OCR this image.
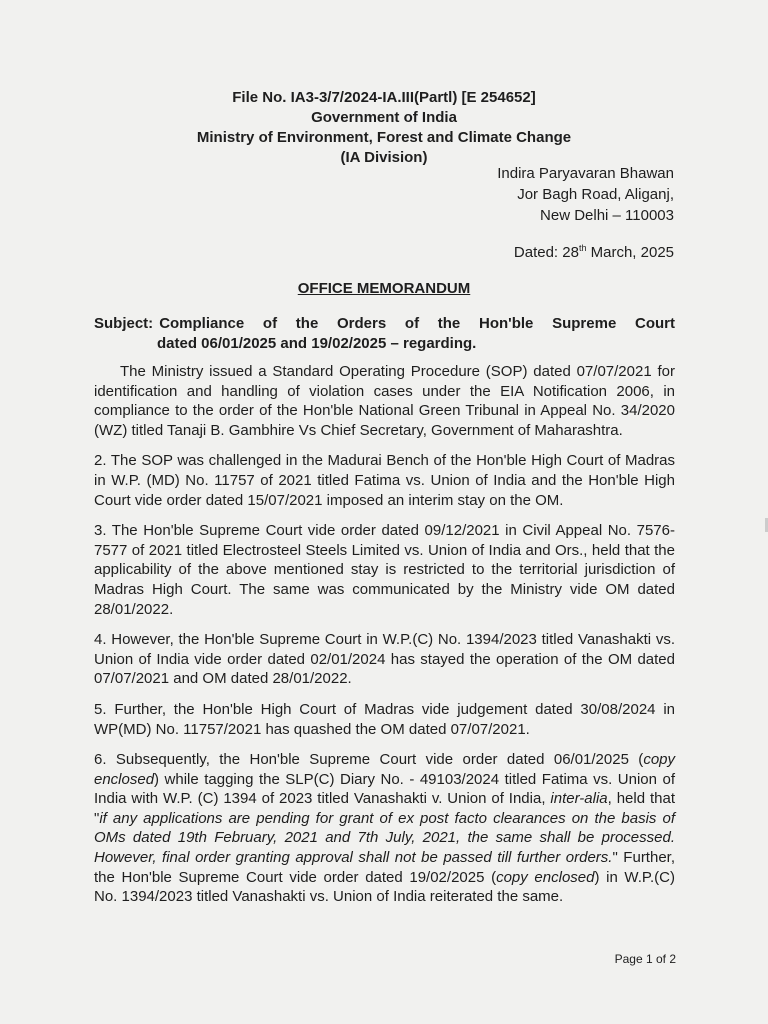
File No. IA3-3/7/2024-IA.III(Partl) [E 254652]
Government of India
Ministry of Environment, Forest and Climate Change
(IA Division)
Indira Paryavaran Bhawan
Jor Bagh Road, Aliganj,
New Delhi – 110003
Dated: 28th March, 2025
OFFICE MEMORANDUM
Subject: Compliance of the Orders of the Hon'ble Supreme Court
dated 06/01/2025 and 19/02/2025 – regarding.

The Ministry issued a Standard Operating Procedure (SOP) dated 07/07/2021 for identification and handling of violation cases under the EIA Notification 2006, in compliance to the order of the Hon'ble National Green Tribunal in Appeal No. 34/2020 (WZ) titled Tanaji B. Gambhire Vs Chief Secretary, Government of Maharashtra.

2. The SOP was challenged in the Madurai Bench of the Hon'ble High Court of Madras in W.P. (MD) No. 11757 of 2021 titled Fatima vs. Union of India and the Hon'ble High Court vide order dated 15/07/2021 imposed an interim stay on the OM.

3. The Hon'ble Supreme Court vide order dated 09/12/2021 in Civil Appeal No. 7576-7577 of 2021 titled Electrosteel Steels Limited vs. Union of India and Ors., held that the applicability of the above mentioned stay is restricted to the territorial jurisdiction of Madras High Court. The same was communicated by the Ministry vide OM dated 28/01/2022.

4. However, the Hon'ble Supreme Court in W.P.(C) No. 1394/2023 titled Vanashakti vs. Union of India vide order dated 02/01/2024 has stayed the operation of the OM dated 07/07/2021 and OM dated 28/01/2022.

5. Further, the Hon'ble High Court of Madras vide judgement dated 30/08/2024 in WP(MD) No. 11757/2021 has quashed the OM dated 07/07/2021.

6. Subsequently, the Hon'ble Supreme Court vide order dated 06/01/2025 (copy enclosed) while tagging the SLP(C) Diary No. - 49103/2024 titled Fatima vs. Union of India with W.P. (C) 1394 of 2023 titled Vanashakti v. Union of India, inter-alia, held that "if any applications are pending for grant of ex post facto clearances on the basis of OMs dated 19th February, 2021 and 7th July, 2021, the same shall be processed. However, final order granting approval shall not be passed till further orders." Further, the Hon'ble Supreme Court vide order dated 19/02/2025 (copy enclosed) in W.P.(C) No. 1394/2023 titled Vanashakti vs. Union of India reiterated the same.

Page 1 of 2
